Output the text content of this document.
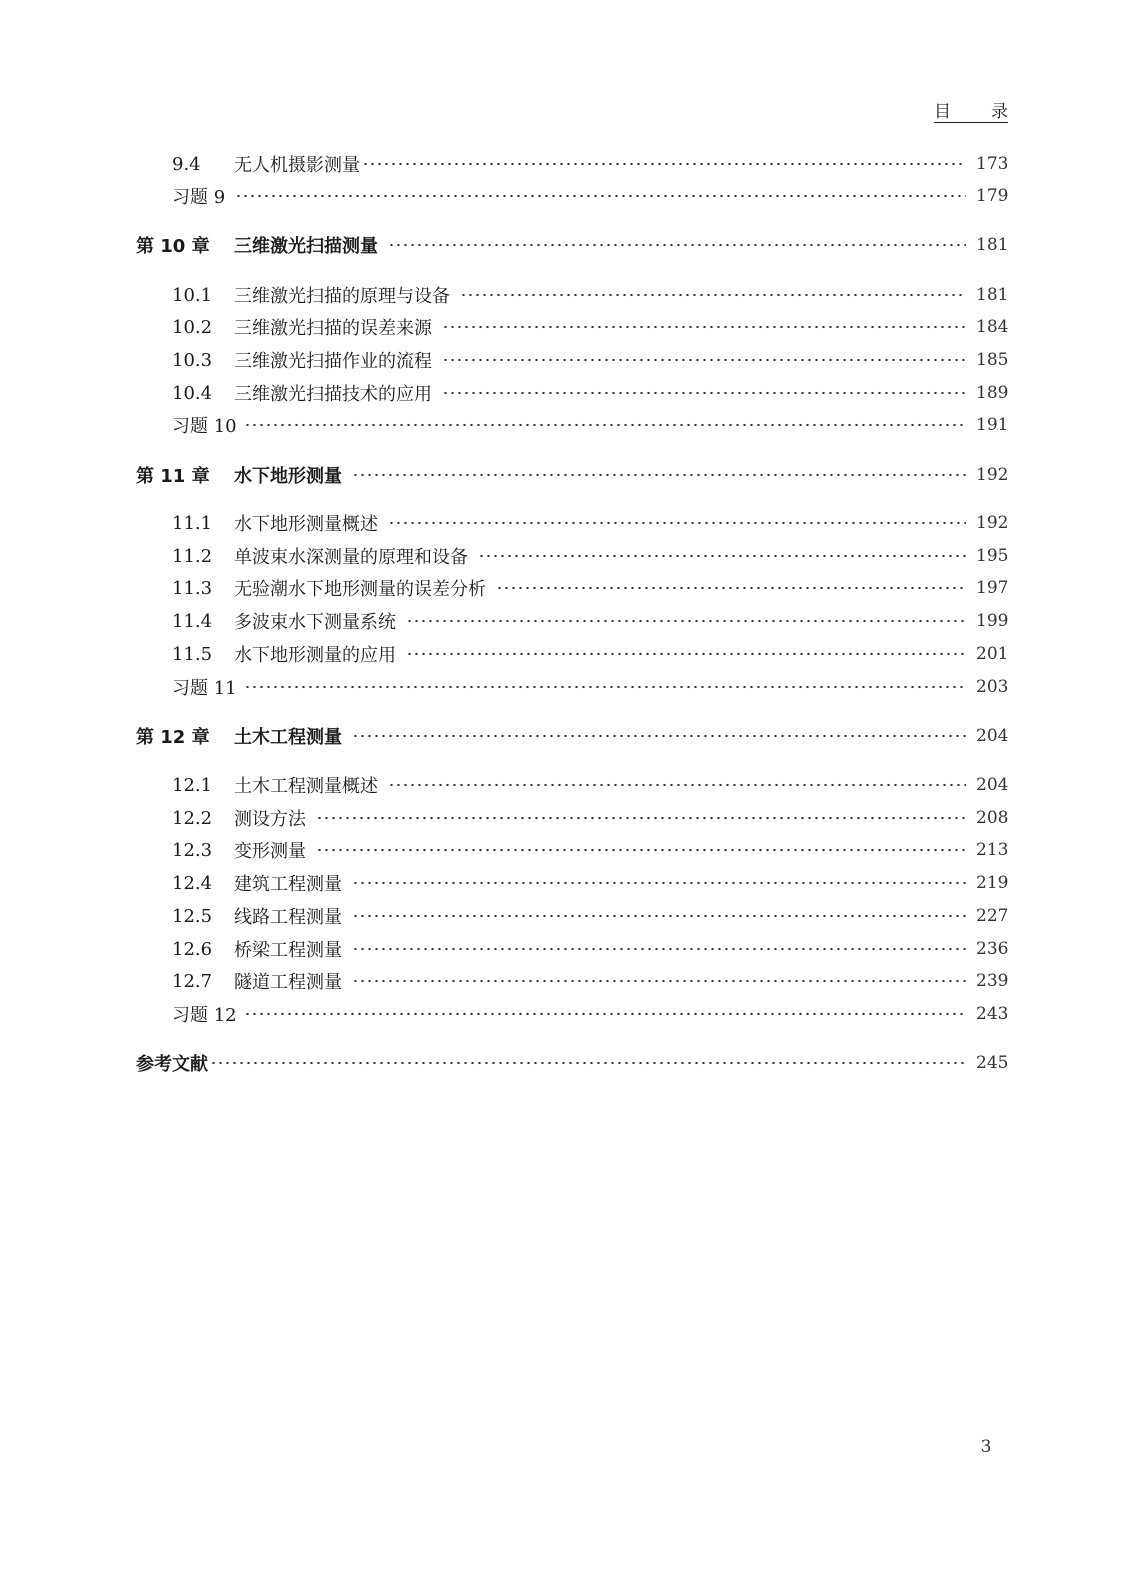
目 录
9.4	无人机摄影测量	173
习题 9	179
第 10 章	三维激光扫描测量	181
10.1	三维激光扫描的原理与设备	181
10.2	三维激光扫描的误差来源	184
10.3	三维激光扫描作业的流程	185
10.4	三维激光扫描技术的应用	189
习题 10	191
第 11 章	水下地形测量	192
11.1	水下地形测量概述	192
11.2	单波束水深测量的原理和设备	195
11.3	无验潮水下地形测量的误差分析	197
11.4	多波束水下测量系统	199
11.5	水下地形测量的应用	201
习题 11	203
第 12 章	土木工程测量	204
12.1	土木工程测量概述	204
12.2	测设方法	208
12.3	变形测量	213
12.4	建筑工程测量	219
12.5	线路工程测量	227
12.6	桥梁工程测量	236
12.7	隧道工程测量	239
习题 12	243
参考文献	245
3
